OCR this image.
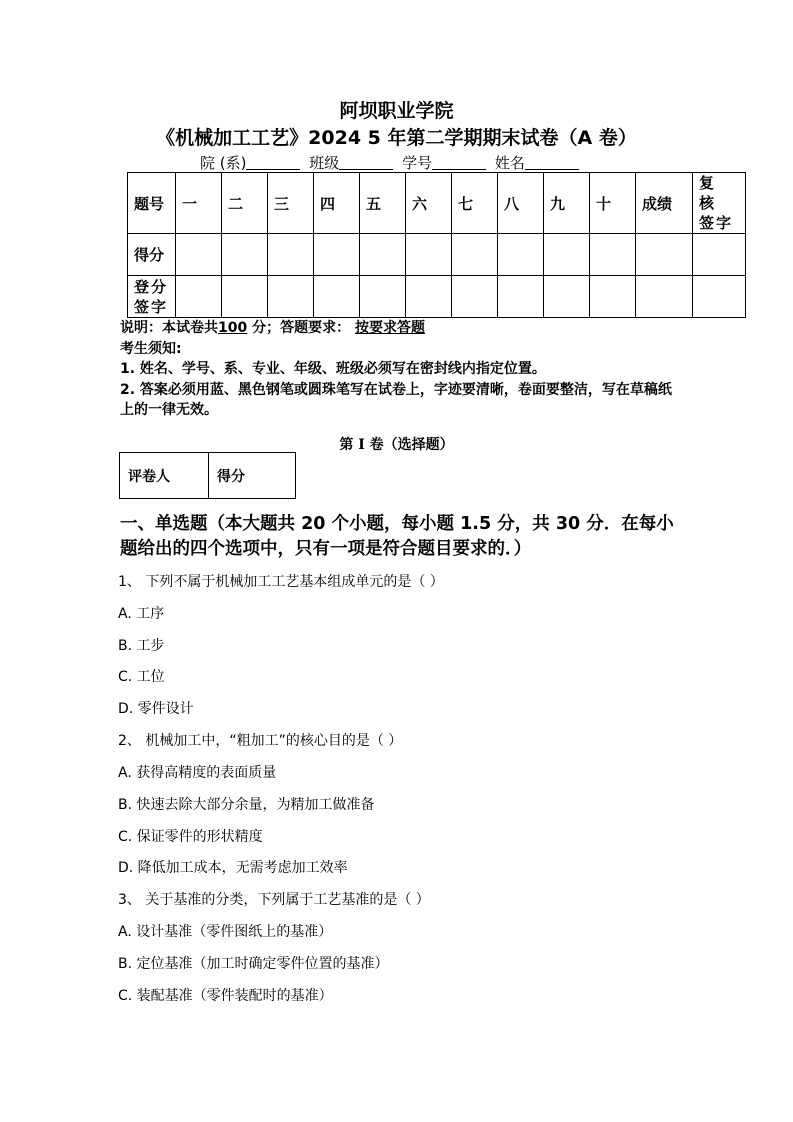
阿坝职业学院
《机械加工工艺》2024 5 年第二学期期末试卷（A 卷）
院 (系)	班级	学号	姓名
题号	一	二	三	四	五	六	七	八	九	十	成绩	复 核 签字
得分												
登分 签字												
说明：本试卷共100 分；答题要求： 按要求答题
考生须知:
1. 姓名、学号、系、专业、年级、班级必须写在密封线内指定位置。
2. 答案必须用蓝、黑色钢笔或圆珠笔写在试卷上，字迹要清晰，卷面要整洁，写在草稿纸上的一律无效。
第 I 卷（选择题）
评卷人	得分
一、单选题（本大题共 20 个小题，每小题 1.5 分，共 30 分．在每小题给出的四个选项中，只有一项是符合题目要求的．）
1、 下列不属于机械加工工艺基本组成单元的是（ ）
A. 工序
B. 工步
C. 工位
D. 零件设计
2、 机械加工中，“粗加工”的核心目的是（ ）
A. 获得高精度的表面质量
B. 快速去除大部分余量，为精加工做准备
C. 保证零件的形状精度
D. 降低加工成本，无需考虑加工效率
3、 关于基准的分类，下列属于工艺基准的是（ ）
A. 设计基准（零件图纸上的基准）
B. 定位基准（加工时确定零件位置的基准）
C. 装配基准（零件装配时的基准）
